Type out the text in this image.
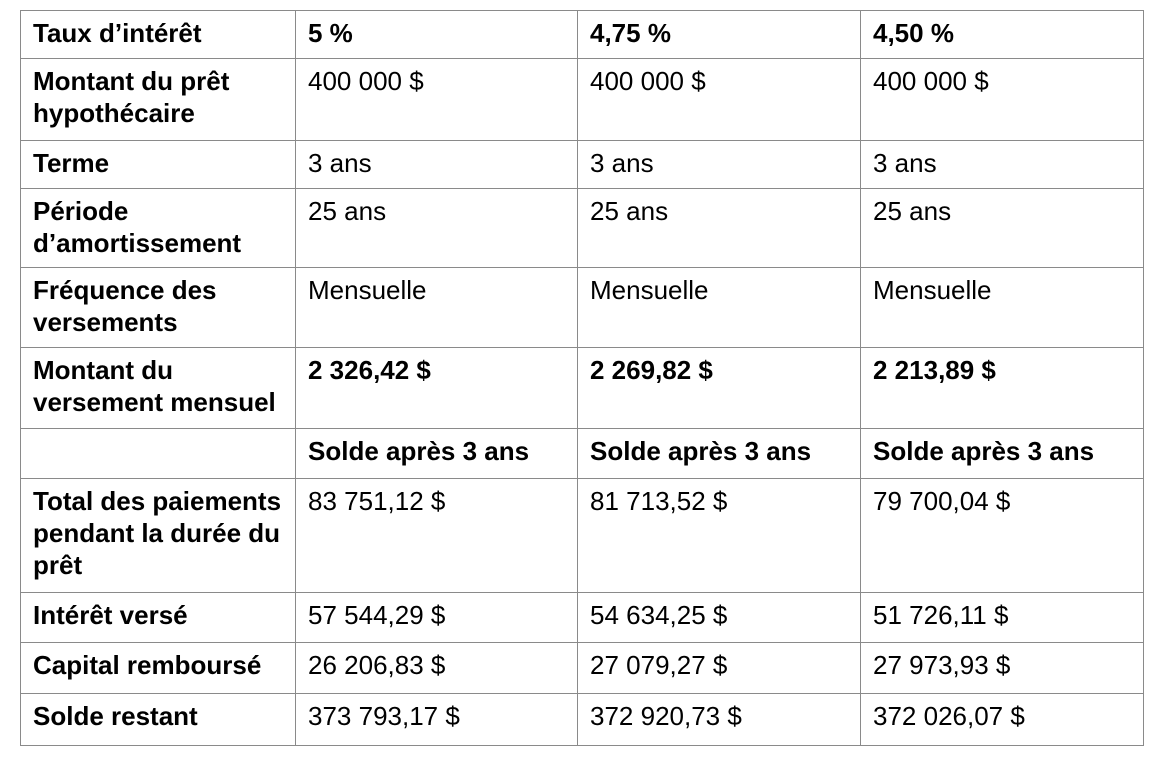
Taux d’intérêt	5 %	4,75 %	4,50 %
Montant du prêt hypothécaire	400 000 $	400 000 $	400 000 $
Terme	3 ans	3 ans	3 ans
Période d’amortissement	25 ans	25 ans	25 ans
Fréquence des versements	Mensuelle	Mensuelle	Mensuelle
Montant du versement mensuel	2 326,42 $	2 269,82 $	2 213,89 $
	Solde après 3 ans	Solde après 3 ans	Solde après 3 ans
Total des paiements pendant la durée du prêt	83 751,12 $	81 713,52 $	79 700,04 $
Intérêt versé	57 544,29 $	54 634,25 $	51 726,11 $
Capital remboursé	26 206,83 $	27 079,27 $	27 973,93 $
Solde restant	373 793,17 $	372 920,73 $	372 026,07 $
